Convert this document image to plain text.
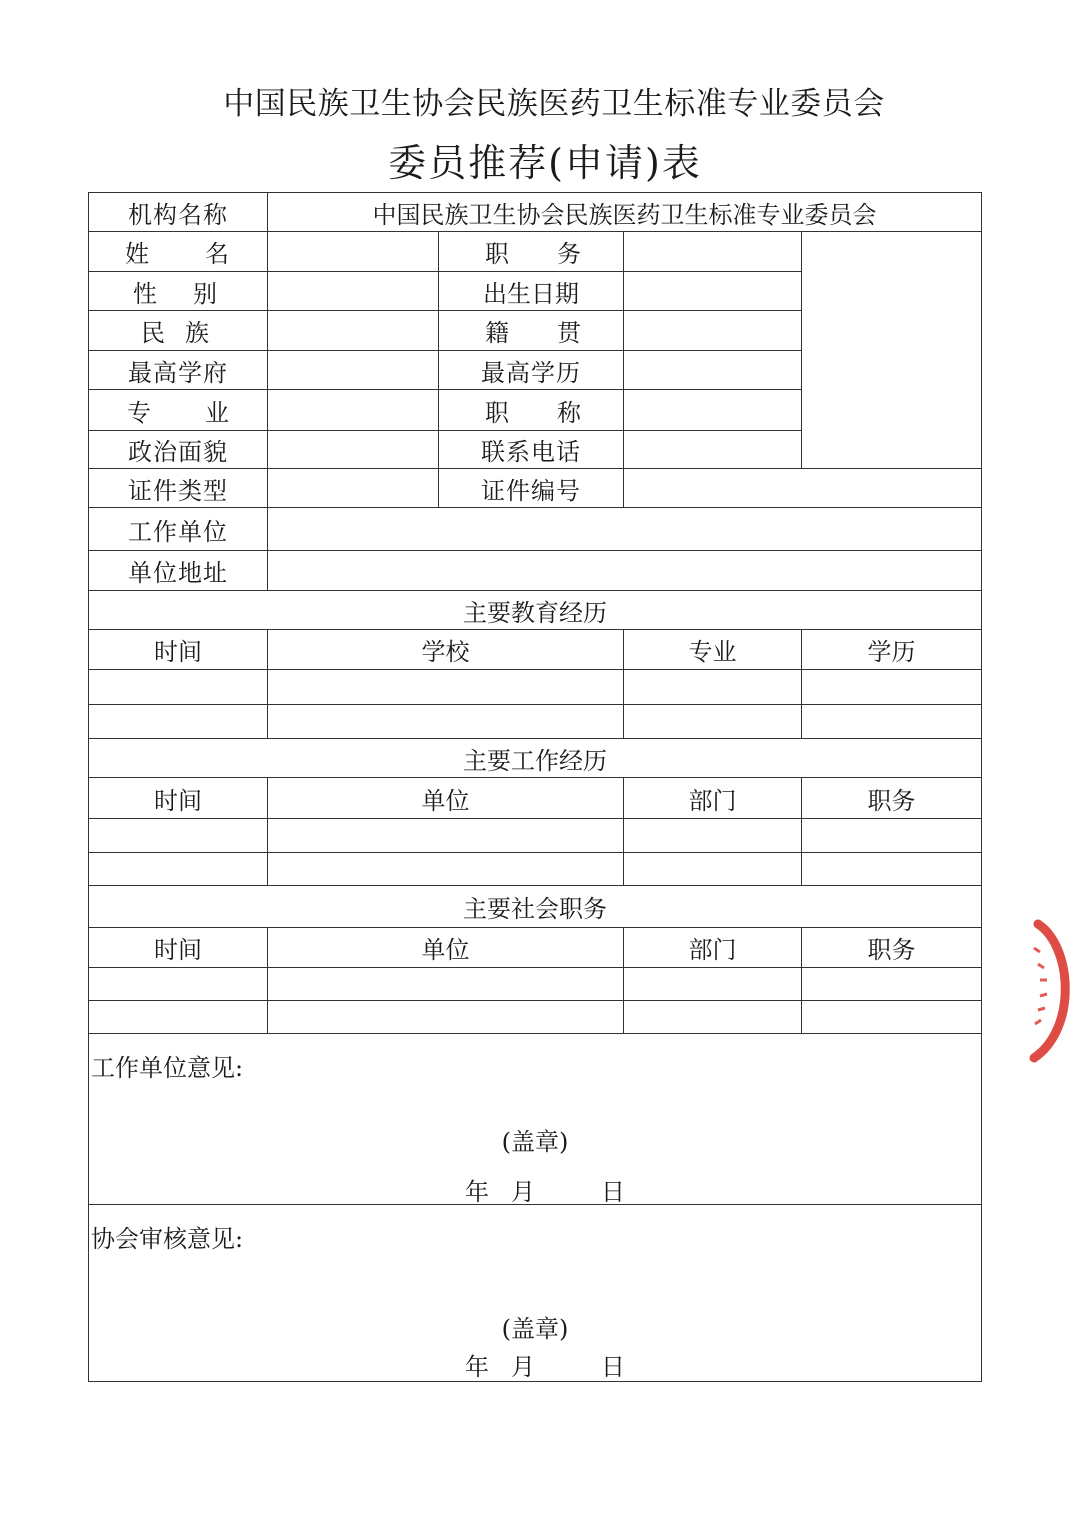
中国民族卫生协会民族医药卫生标准专业委员会
委员推荐(申请)表
机构名称	中国民族卫生协会民族医药卫生标准专业委员会			

姓 名		职 务		

性 别		出生日期		

民 族		籍 贯		

最高学府		最高学历		

专 业		职 称		

政治面貌		联系电话		
证件类型		证件编号		
工作单位				
单位地址				
主要教育经历				
时间	学校		专业	学历

主要工作经历				
时间	单位		部门	职务

主要社会职务				
时间	单位		部门	职务

工作单位意见:
(盖章)
年 月 日				

协会审核意见:
(盖章)
年 月 日				
